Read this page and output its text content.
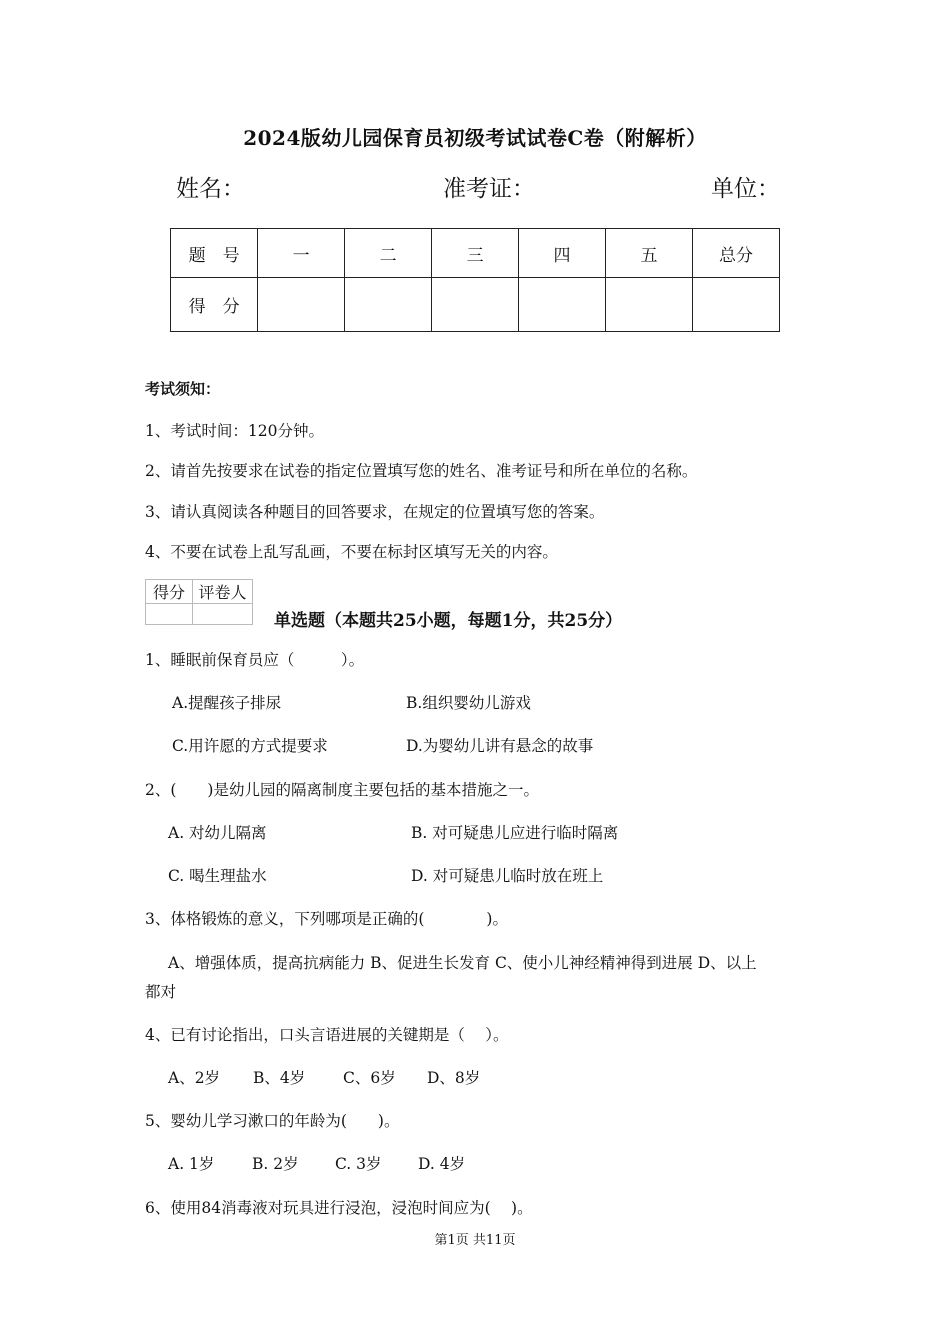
2024版幼儿园保育员初级考试试卷C卷（附解析）
姓名：	准考证：	单位：
题　号	一	二	三	四	五	总分
得　分						
考试须知：
1、考试时间：120分钟。
2、请首先按要求在试卷的指定位置填写您的姓名、准考证号和所在单位的名称。
3、请认真阅读各种题目的回答要求，在规定的位置填写您的答案。
4、不要在试卷上乱写乱画，不要在标封区填写无关的内容。
得分	评卷人

单选题（本题共25小题，每题1分，共25分）
1、睡眠前保育员应（　　　）。
A.提醒孩子排尿	B.组织婴幼儿游戏
C.用许愿的方式提要求	D.为婴幼儿讲有悬念的故事
2、(　　)是幼儿园的隔离制度主要包括的基本措施之一。
A. 对幼儿隔离	B. 对可疑患儿应进行临时隔离
C. 喝生理盐水	D. 对可疑患儿临时放在班上
3、体格锻炼的意义，下列哪项是正确的(　　　　)。
A、增强体质，提高抗病能力 B、促进生长发育 C、使小儿神经精神得到进展 D、以上
都对
4、已有讨论指出，口头言语进展的关键期是（　 ）。
A、2岁 B、4岁 C、6岁 D、8岁
5、婴幼儿学习漱口的年龄为(　　)。
A. 1岁 B. 2岁 C. 3岁 D. 4岁
6、使用84消毒液对玩具进行浸泡，浸泡时间应为(　 )。
第1页 共11页
